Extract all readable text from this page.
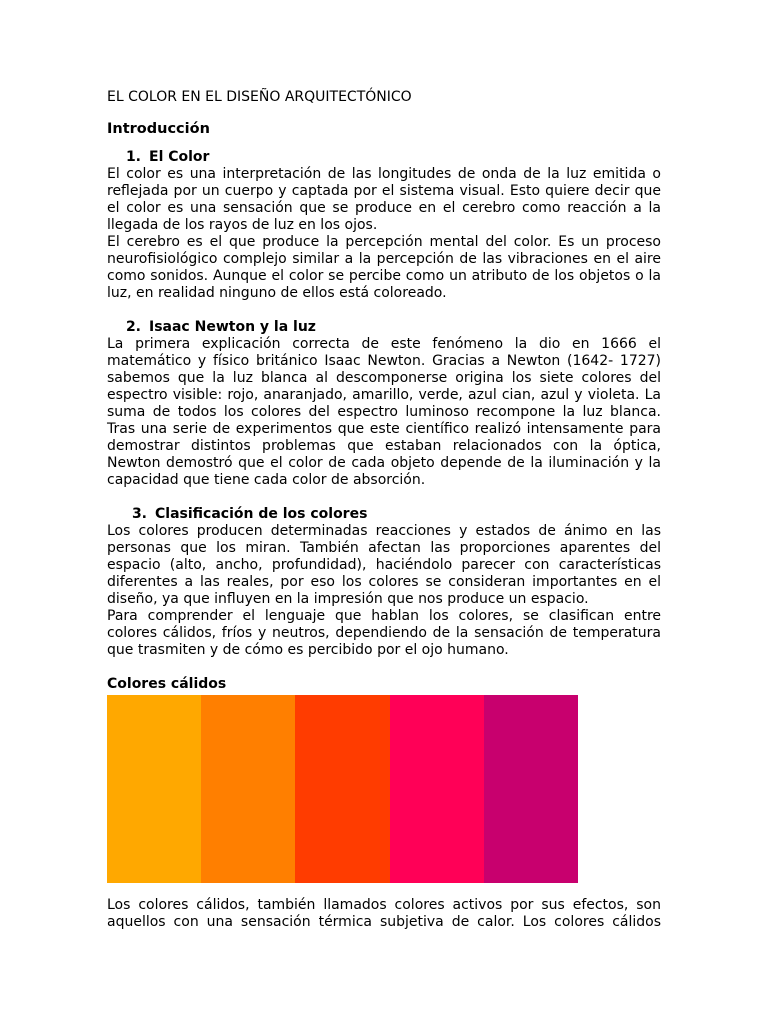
EL COLOR EN EL DISEÑO ARQUITECTÓNICO
Introducción
1. El Color

El color es una interpretación de las longitudes de onda de la luz emitida o reflejada por un cuerpo y captada por el sistema visual. Esto quiere decir que el color es una sensación que se produce en el cerebro como reacción a la llegada de los rayos de luz en los ojos.

El cerebro es el que produce la percepción mental del color. Es un proceso neurofisiológico complejo similar a la percepción de las vibraciones en el aire como sonidos. Aunque el color se percibe como un atributo de los objetos o la luz, en realidad ninguno de ellos está coloreado.

2. Isaac Newton y la luz

La primera explicación correcta de este fenómeno la dio en 1666 el matemático y físico británico Isaac Newton. Gracias a Newton (1642- 1727) sabemos que la luz blanca al descomponerse origina los siete colores del espectro visible: rojo, anaranjado, amarillo, verde, azul cian, azul y violeta. La suma de todos los colores del espectro luminoso recompone la luz blanca. Tras una serie de experimentos que este científico realizó intensamente para demostrar distintos problemas que estaban relacionados con la óptica, Newton demostró que el color de cada objeto depende de la iluminación y la capacidad que tiene cada color de absorción.

3. Clasificación de los colores

Los colores producen determinadas reacciones y estados de ánimo en las personas que los miran. También afectan las proporciones aparentes del espacio (alto, ancho, profundidad), haciéndolo parecer con características diferentes a las reales, por eso los colores se consideran importantes en el diseño, ya que influyen en la impresión que nos produce un espacio.

Para comprender el lenguaje que hablan los colores, se clasifican entre colores cálidos, fríos y neutros, dependiendo de la sensación de temperatura que trasmiten y de cómo es percibido por el ojo humano.

Colores cálidos

Los colores cálidos, también llamados colores activos por sus efectos, son aquellos con una sensación térmica subjetiva de calor. Los colores cálidos
